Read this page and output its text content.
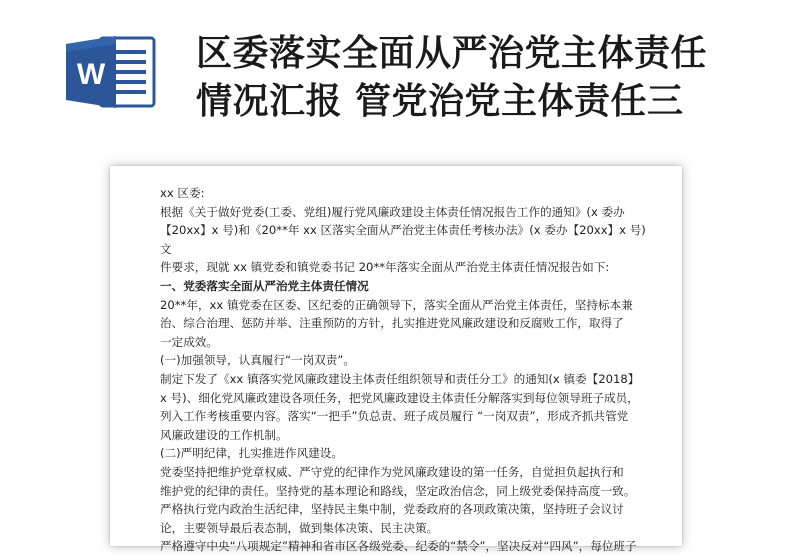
W
区委落实全面从严治党主体责任
情况汇报 管党治党主体责任三

xx 区委:

根据《关于做好党委(工委、党组)履行党风廉政建设主体责任情况报告工作的通知》(x 委办

【20xx】x 号)和《20**年 xx 区落实全面从严治党主体责任考核办法》(x 委办【20xx】x 号)文

件要求，现就 xx 镇党委和镇党委书记 20**年落实全面从严治党主体责任情况报告如下:

一、党委落实全面从严治党主体责任情况

20**年，xx 镇党委在区委、区纪委的正确领导下，落实全面从严治党主体责任，坚持标本兼

治、综合治理、惩防并举、注重预防的方针，扎实推进党风廉政建设和反腐败工作，取得了

一定成效。

(一)加强领导，认真履行“一岗双责”。

制定下发了《xx 镇落实党风廉政建设主体责任组织领导和责任分工》的通知(x 镇委【2018】

x 号)、细化党风廉政建设各项任务，把党风廉政建设主体责任分解落实到每位领导班子成员，

列入工作考核重要内容。落实“一把手”负总责、班子成员履行 “一岗双责”，形成齐抓共管党

风廉政建设的工作机制。

(二)严明纪律，扎实推进作风建设。

党委坚持把维护党章权威、严守党的纪律作为党风廉政建设的第一任务，自觉担负起执行和

维护党的纪律的责任。坚持党的基本理论和路线，坚定政治信念，同上级党委保持高度一致。

严格执行党内政治生活纪律，坚持民主集中制，党委政府的各项政策决策，坚持班子会议讨

论，主要领导最后表态制，做到集体决策、民主决策。

严格遵守中央“八项规定”精神和省市区各级党委、纪委的“禁令”，坚决反对“四风”，每位班子
